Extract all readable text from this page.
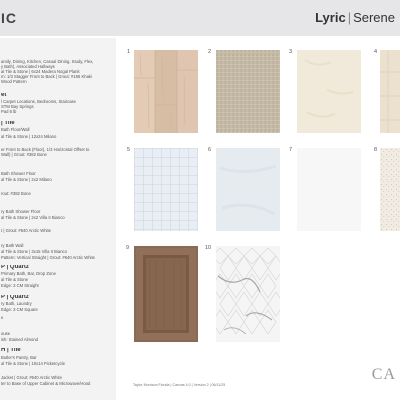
IC	Lyric | Serene
amily, Dining, Kitchen, Casual Dining, Study, Flex,
y Bath), Associated Hallways
al Tile & Stone | 6x24 Madera Nogal Plank
rn: 1/3 Stagger Front to Back | Grout: #186 Khaki
Wood Pattern
et
l Carpet Locations, Bedrooms, Staircase
STM Bay Springs
Pad 6 lb
| Tile
Bath Floor/Wall
al Tile & Stone | 12x24 Milano
er Front to Back (Floor), 1/3 Horizontal Offset to
Wall) | Grout: #382 Bone
Bath Shower Floor
al Tile & Stone | 2x2 Milano
rout: #382 Bone
ry Bath Shower Floor
al Tile & Stone | 2x2 Villa II Bianco
t | Grout: #640 Arctic White
ry Bath Wall
al Tile & Stone | 3x15 Villa II Bianco
Pattern: Vertical Straight | Grout: #640 Arctic White
P | Quartz
Primary Bath, Bar, Drop Zone
al Tile & Stone
Edge: 3 CM Straight
P | Quartz
ry Bath, Laundry
Edge: 3 CM Square
e
ouse
ish: Stained Almond
H | Tile
Butler's Pantry, Bar
al Tile & Stone | 10x14 Picketcycle
Jacket | Grout: #640 Arctic White
ter to Base of Upper Cabinet & Microwave/Hood
1	2	3	4
5	6	7	8
9	10
Taylor Morrison Florida | Canvas 4.0 | Version 2 | 06/11/25
CA
